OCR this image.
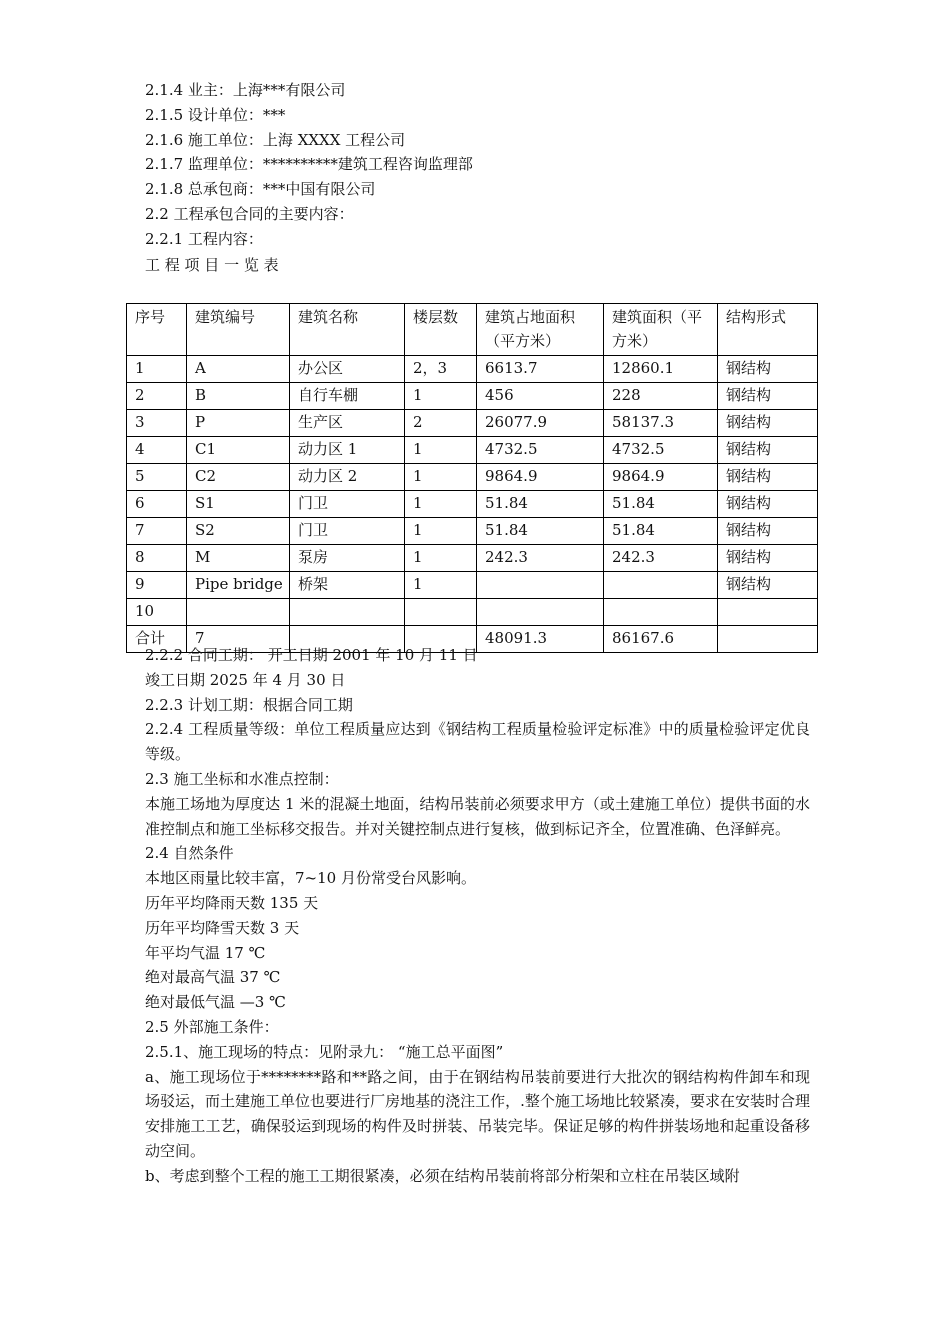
2.1.4 业主：上海***有限公司
2.1.5 设计单位：***
2.1.6 施工单位：上海 XXXX 工程公司
2.1.7 监理单位：**********建筑工程咨询监理部
2.1.8 总承包商：***中国有限公司
2.2 工程承包合同的主要内容：
2.2.1 工程内容：
工 程 项 目 一 览 表
序号	建筑编号	建筑名称	楼层数	建筑占地面积（平方米）	建筑面积（平方米）	结构形式
1	A	办公区	2，3	6613.7	12860.1	钢结构
2	B	自行车棚	1	456	228	钢结构
3	P	生产区	2	26077.9	58137.3	钢结构
4	C1	动力区 1	1	4732.5	4732.5	钢结构
5	C2	动力区 2	1	9864.9	9864.9	钢结构
6	S1	门卫	1	51.84	51.84	钢结构
7	S2	门卫	1	51.84	51.84	钢结构
8	M	泵房	1	242.3	242.3	钢结构
9	Pipe bridge	桥架	1			钢结构
10						
合计	7			48091.3	86167.6	
2.2.2 合同工期： 开工日期 2001 年 10 月 11 日
竣工日期 2025 年 4 月 30 日
2.2.3 计划工期：根据合同工期
2.2.4 工程质量等级：单位工程质量应达到《钢结构工程质量检验评定标准》中的质量检验评定优良等级。
2.3 施工坐标和水准点控制：
本施工场地为厚度达 1 米的混凝土地面，结构吊装前必须要求甲方（或土建施工单位）提供书面的水准控制点和施工坐标移交报告。并对关键控制点进行复核，做到标记齐全，位置准确、色泽鲜亮。
2.4 自然条件
本地区雨量比较丰富，7~10 月份常受台风影响。
历年平均降雨天数 135 天
历年平均降雪天数 3 天
年平均气温 17 ℃
绝对最高气温 37 ℃
绝对最低气温 —3 ℃
2.5 外部施工条件：
2.5.1、施工现场的特点：见附录九： “施工总平面图”
a、施工现场位于********路和**路之间，由于在钢结构吊装前要进行大批次的钢结构构件卸车和现场驳运，而土建施工单位也要进行厂房地基的浇注工作，.整个施工场地比较紧凑，要求在安装时合理安排施工工艺，确保驳运到现场的构件及时拼装、吊装完毕。保证足够的构件拼装场地和起重设备移动空间。
b、考虑到整个工程的施工工期很紧凑，必须在结构吊装前将部分桁架和立柱在吊装区域附
